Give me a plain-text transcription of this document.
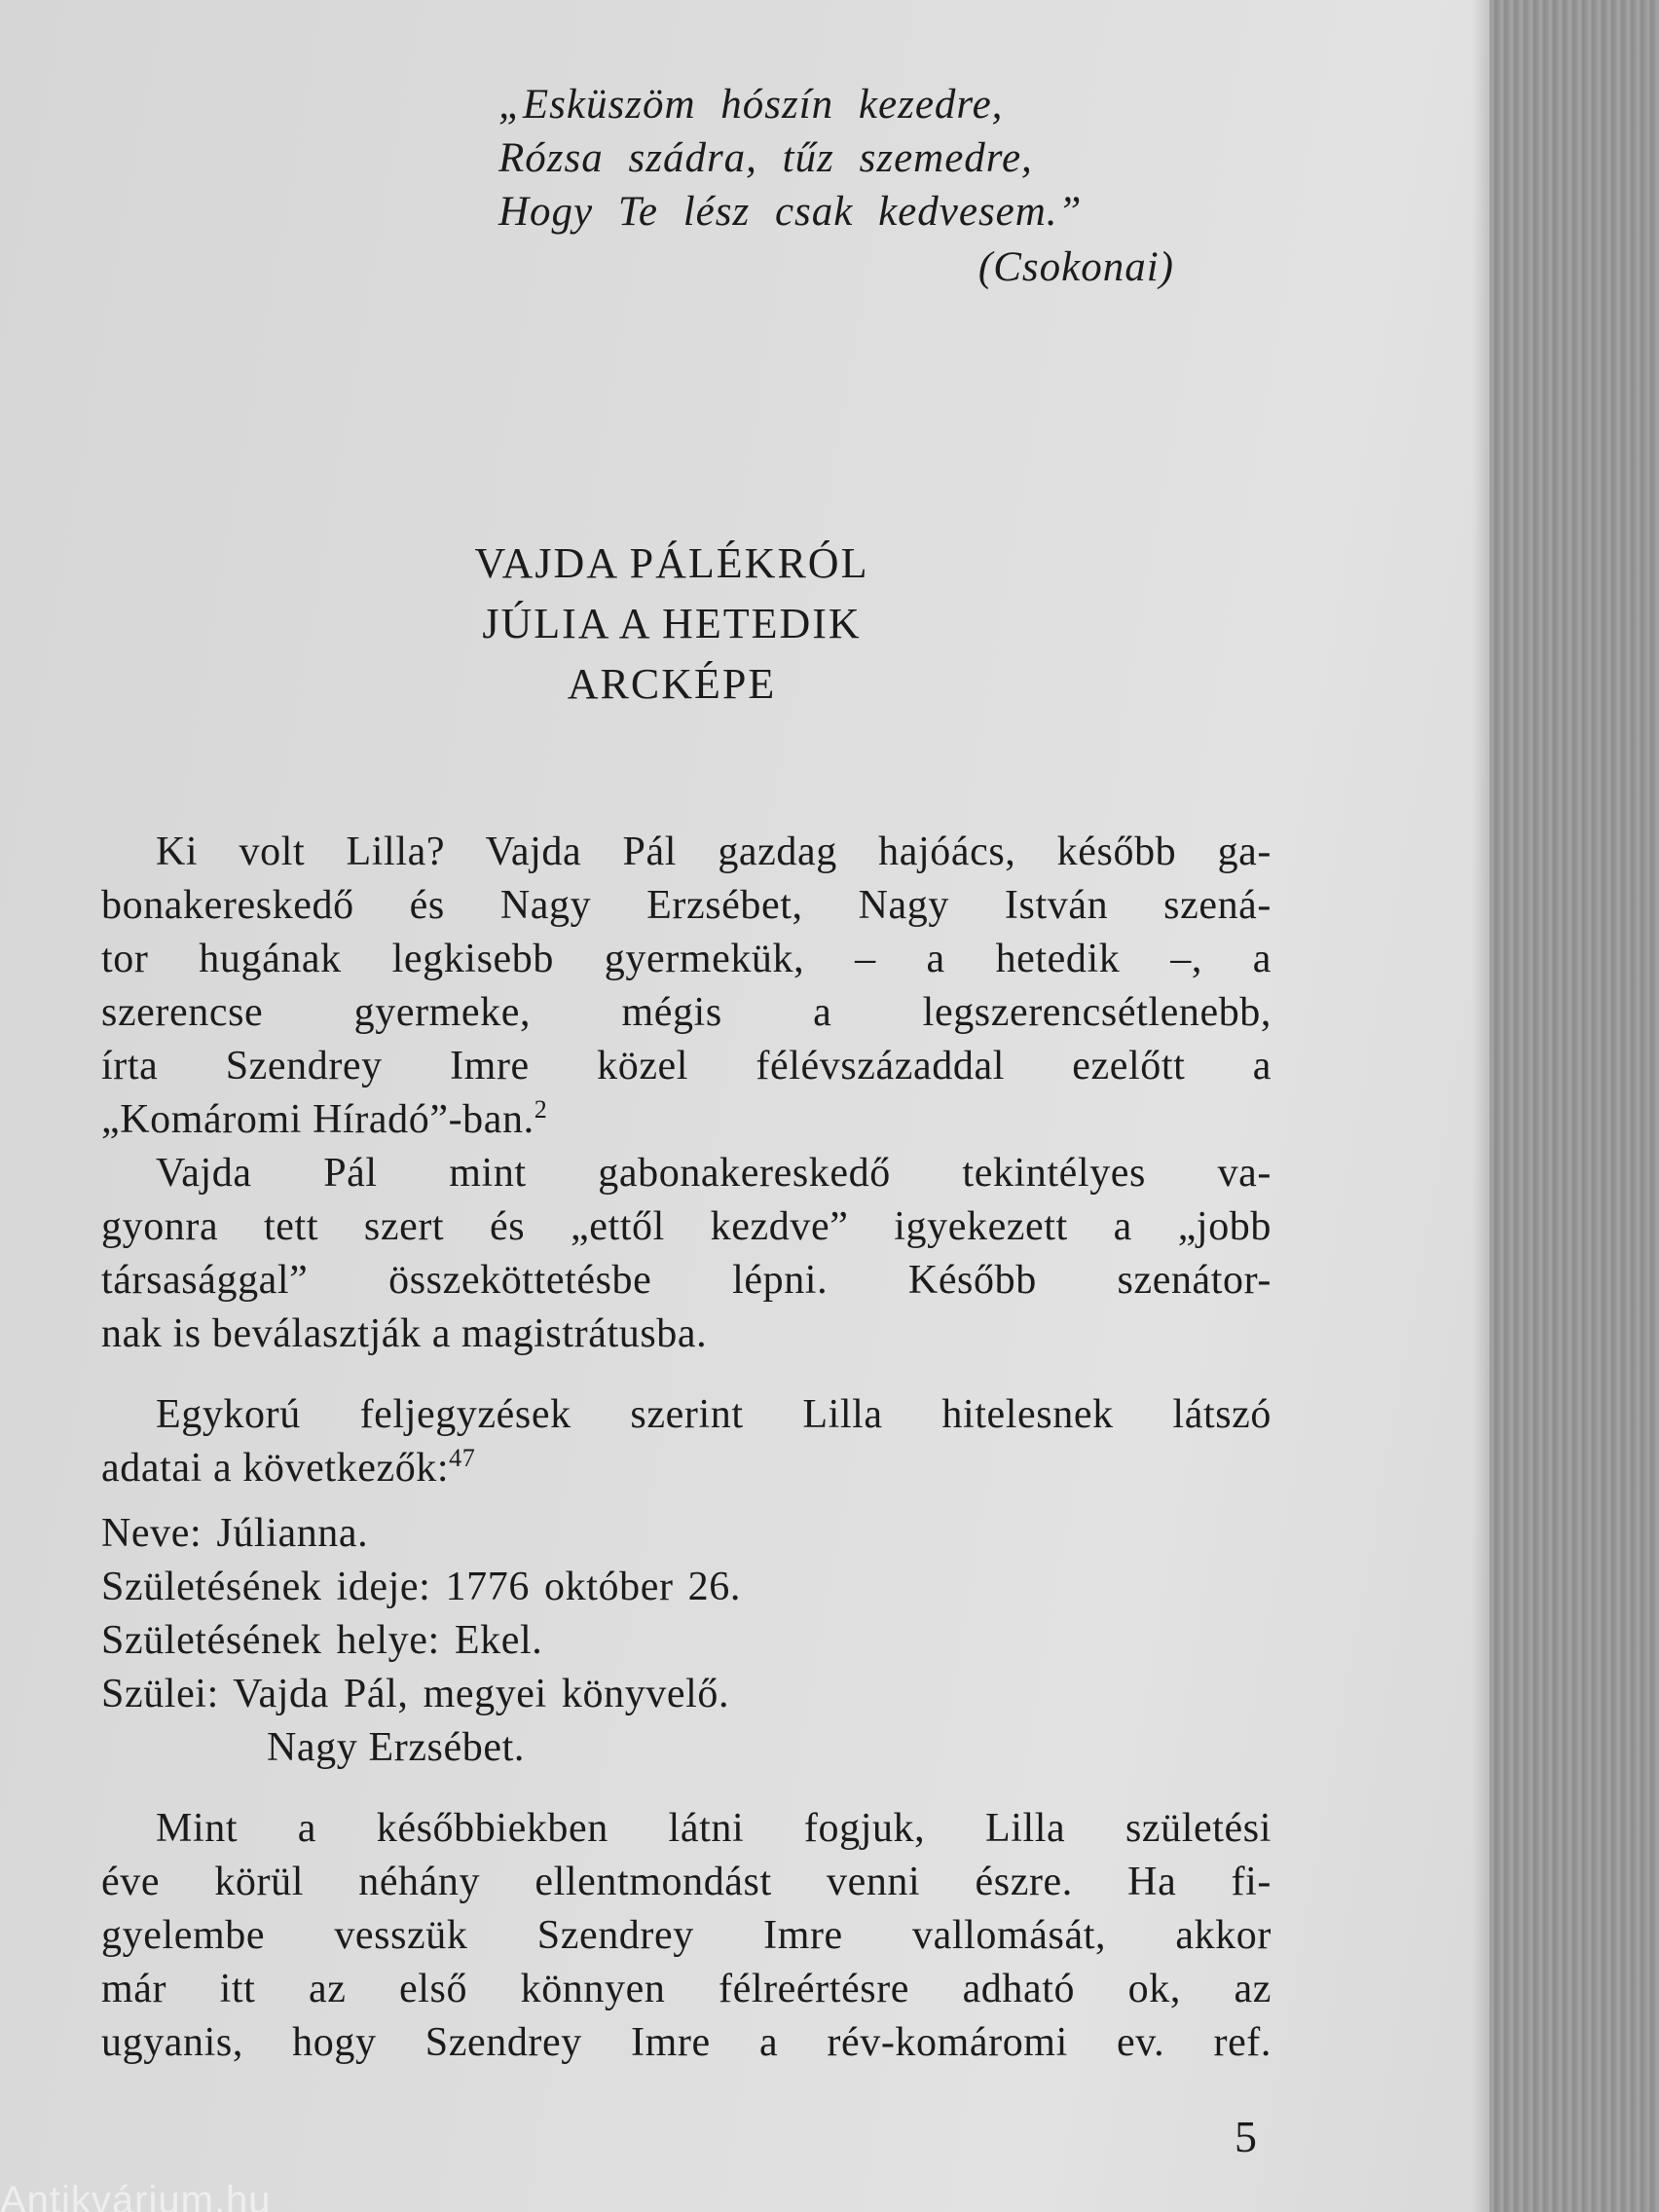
„Esküszöm hószín kezedre,
Rózsa szádra, tűz szemedre,
Hogy Te lész csak kedvesem.”
(Csokonai)
VAJDA PÁLÉKRÓL
JÚLIA A HETEDIK
ARCKÉPE

Ki volt Lilla? Vajda Pál gazdag hajóács, később ga-

bonakereskedő és Nagy Erzsébet, Nagy István szená-

tor hugának legkisebb gyermekük, – a hetedik –, a

szerencse gyermeke, mégis a legszerencsétlenebb,

írta Szendrey Imre közel félévszázaddal ezelőtt a

„Komáromi Híradó”-ban.$^2$

Vajda Pál mint gabonakereskedő tekintélyes va-

gyonra tett szert és „ettől kezdve” igyekezett a „jobb

társasággal” összeköttetésbe lépni. Később szenátor-

nak is beválasztják a magistrátusba.

Egykorú feljegyzések szerint Lilla hitelesnek látszó

adatai a következők:$^{47}$

Neve: Júlianna.
Születésének ideje: 1776 október 26.
Születésének helye: Ekel.
Szülei: Vajda Pál, megyei könyvelő.
Nagy Erzsébet.

Mint a későbbiekben látni fogjuk, Lilla születési

éve körül néhány ellentmondást venni észre. Ha fi-

gyelembe vesszük Szendrey Imre vallomását, akkor

már itt az első könnyen félreértésre adható ok, az

ugyanis, hogy Szendrey Imre a rév-komáromi ev. ref.

5
Antikvárium.hu
